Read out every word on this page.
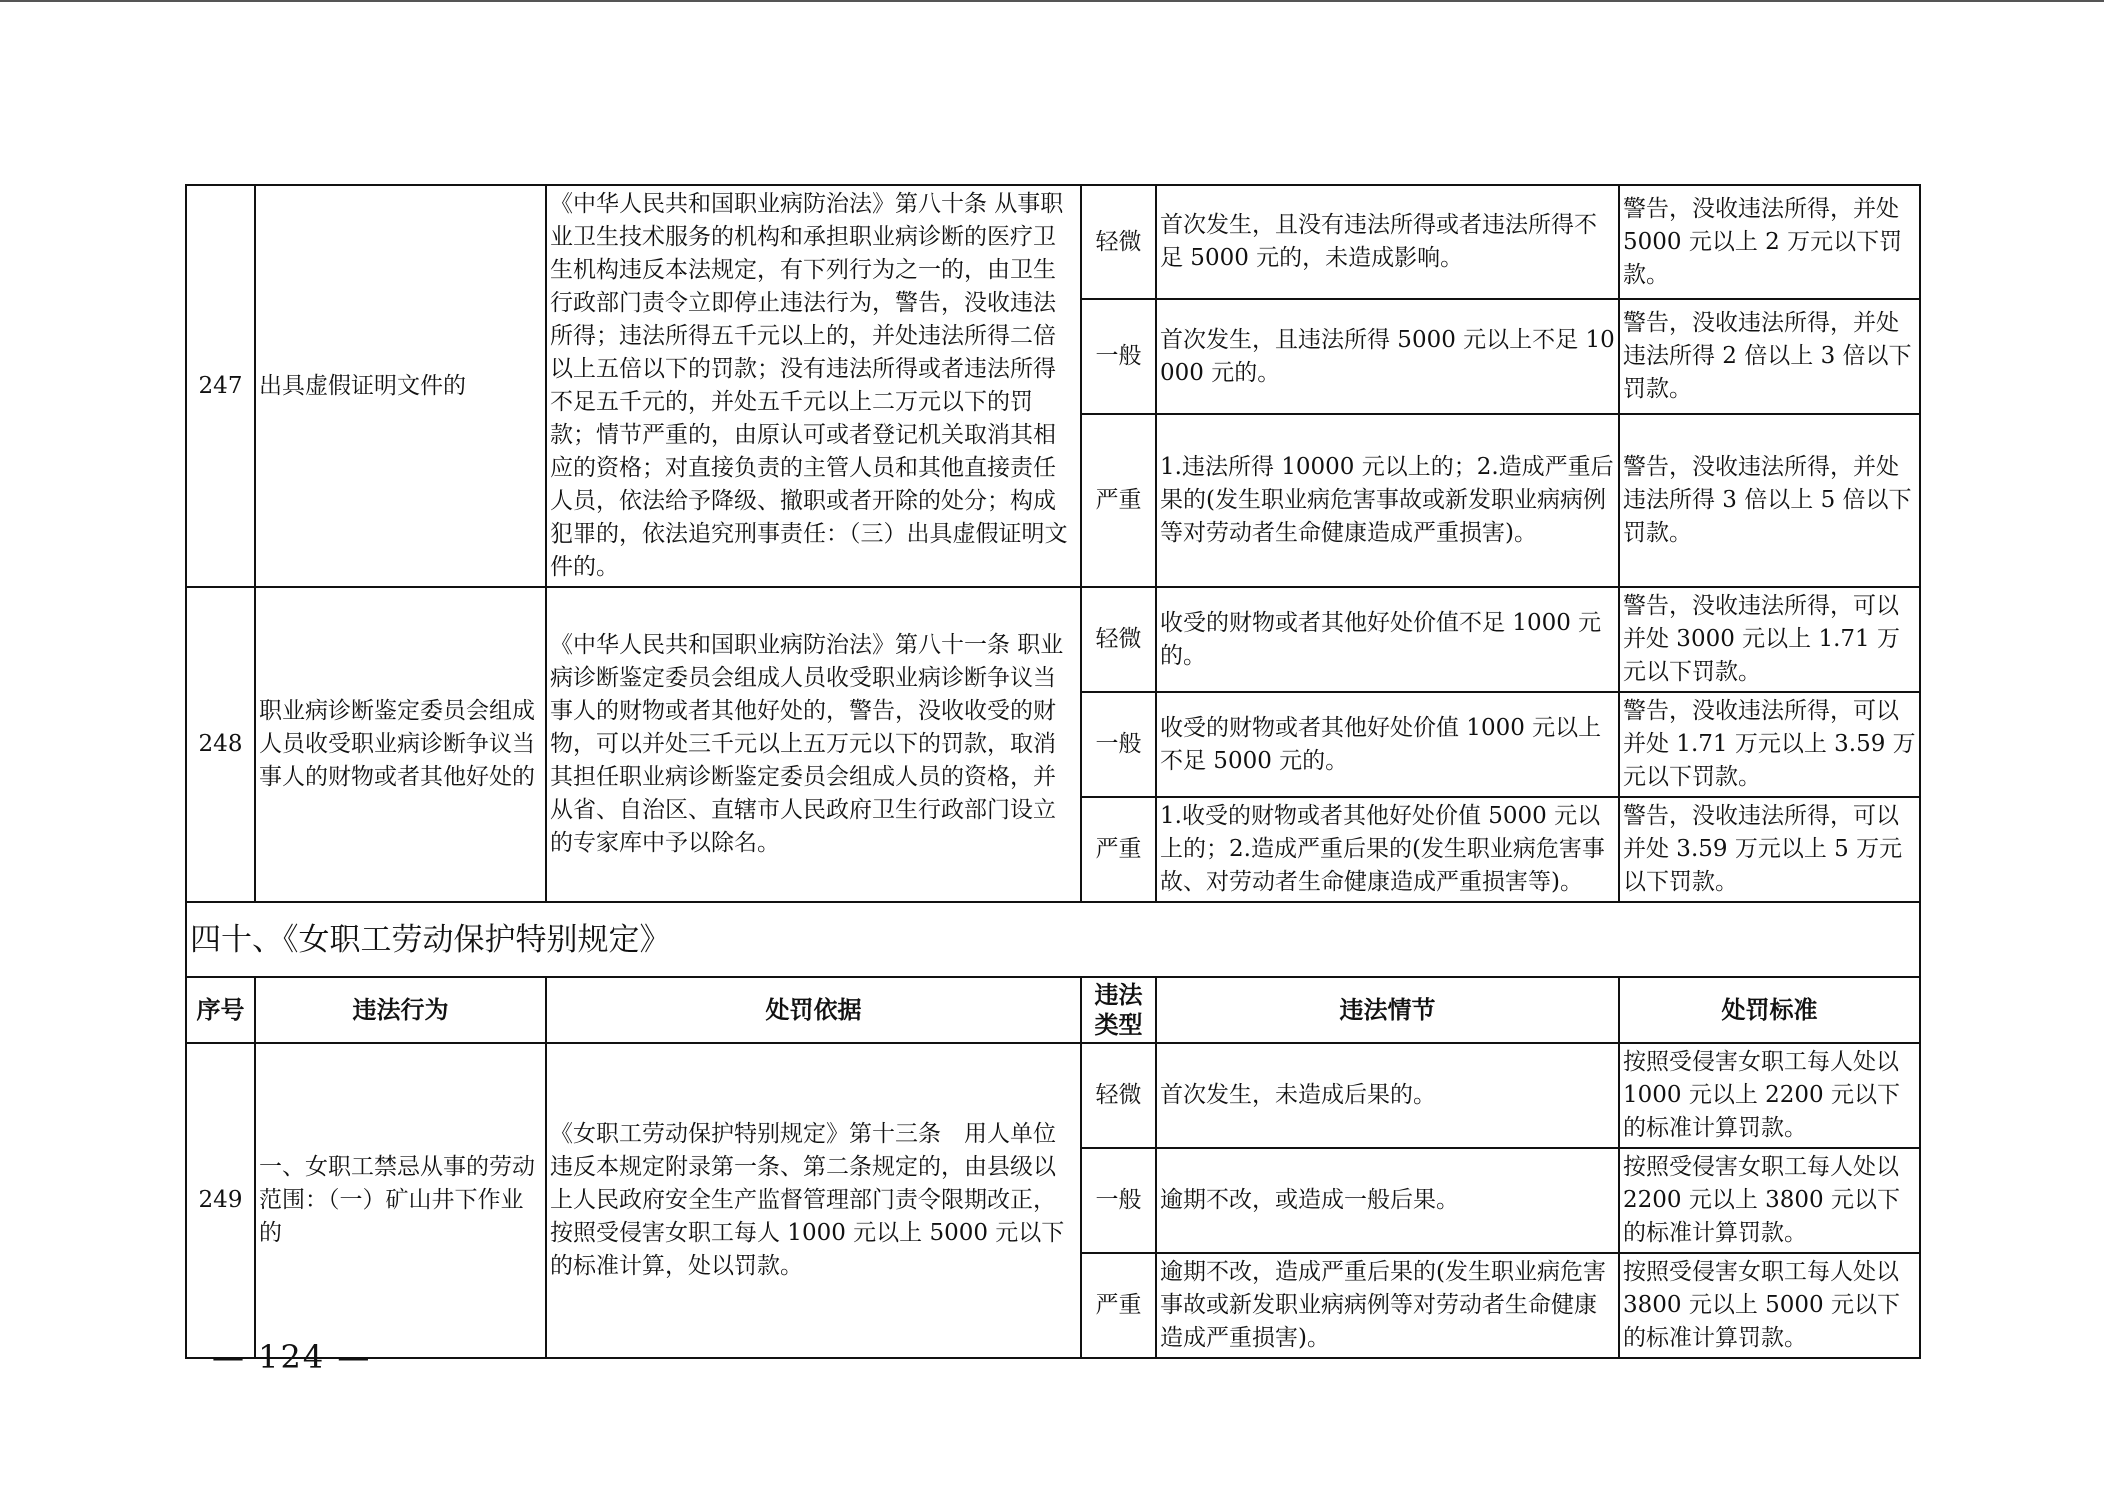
247	出具虚假证明文件的	《中华人民共和国职业病防治法》第八十条 从事职业卫生技术服务的机构和承担职业病诊断的医疗卫生机构违反本法规定，有下列行为之一的，由卫生行政部门责令立即停止违法行为，警告，没收违法所得；违法所得五千元以上的，并处违法所得二倍以上五倍以下的罚款；没有违法所得或者违法所得不足五千元的，并处五千元以上二万元以下的罚款；情节严重的，由原认可或者登记机关取消其相应的资格；对直接负责的主管人员和其他直接责任人员，依法给予降级、撤职或者开除的处分；构成犯罪的，依法追究刑事责任：（三）出具虚假证明文件的。	轻微	首次发生，且没有违法所得或者违法所得不足 5000 元的，未造成影响。	警告，没收违法所得，并处 5000 元以上 2 万元以下罚款。
			一般	首次发生，且违法所得 5000 元以上不足 10000 元的。	警告，没收违法所得，并处违法所得 2 倍以上 3 倍以下罚款。
			严重	1.违法所得 10000 元以上的；2.造成严重后果的(发生职业病危害事故或新发职业病病例等对劳动者生命健康造成严重损害)。	警告，没收违法所得，并处违法所得 3 倍以上 5 倍以下罚款。
248	职业病诊断鉴定委员会组成人员收受职业病诊断争议当事人的财物或者其他好处的	《中华人民共和国职业病防治法》第八十一条 职业病诊断鉴定委员会组成人员收受职业病诊断争议当事人的财物或者其他好处的，警告，没收收受的财物，可以并处三千元以上五万元以下的罚款，取消其担任职业病诊断鉴定委员会组成人员的资格，并从省、自治区、直辖市人民政府卫生行政部门设立的专家库中予以除名。	轻微	收受的财物或者其他好处价值不足 1000 元的。	警告，没收违法所得，可以并处 3000 元以上 1.71 万元以下罚款。
			一般	收受的财物或者其他好处价值 1000 元以上不足 5000 元的。	警告，没收违法所得，可以并处 1.71 万元以上 3.59 万元以下罚款。
			严重	1.收受的财物或者其他好处价值 5000 元以上的；2.造成严重后果的(发生职业病危害事故、对劳动者生命健康造成严重损害等)。	警告，没收违法所得，可以并处 3.59 万元以上 5 万元以下罚款。
四十、《女职工劳动保护特别规定》					
序号	违法行为	处罚依据	违法类型	违法情节	处罚标准
249	一、女职工禁忌从事的劳动范围：（一）矿山井下作业的	《女职工劳动保护特别规定》第十三条　用人单位违反本规定附录第一条、第二条规定的，由县级以上人民政府安全生产监督管理部门责令限期改正，按照受侵害女职工每人 1000 元以上 5000 元以下的标准计算，处以罚款。	轻微	首次发生，未造成后果的。	按照受侵害女职工每人处以 1000 元以上 2200 元以下的标准计算罚款。
			一般	逾期不改，或造成一般后果。	按照受侵害女职工每人处以 2200 元以上 3800 元以下的标准计算罚款。
			严重	逾期不改，造成严重后果的(发生职业病危害事故或新发职业病病例等对劳动者生命健康造成严重损害)。	按照受侵害女职工每人处以 3800 元以上 5000 元以下的标准计算罚款。
— 124 —
